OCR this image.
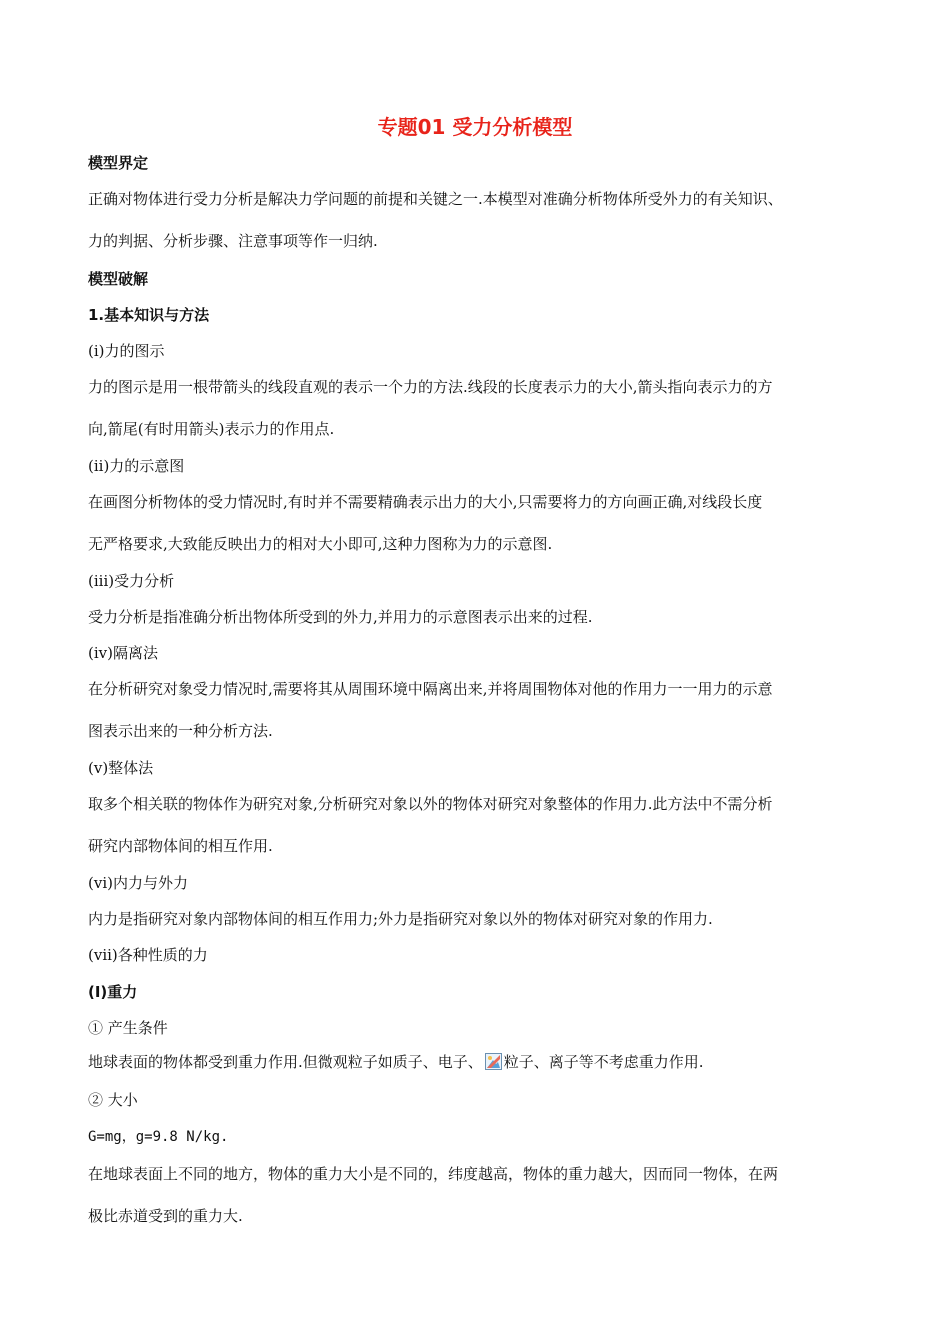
专题01 受力分析模型
模型界定
正确对物体进行受力分析是解决力学问题的前提和关键之一.本模型对准确分析物体所受外力的有关知识、
力的判据、分析步骤、注意事项等作一归纳.
模型破解
1.基本知识与方法
(i)力的图示
力的图示是用一根带箭头的线段直观的表示一个力的方法.线段的长度表示力的大小,箭头指向表示力的方
向,箭尾(有时用箭头)表示力的作用点.
(ii)力的示意图
在画图分析物体的受力情况时,有时并不需要精确表示出力的大小,只需要将力的方向画正确,对线段长度
无严格要求,大致能反映出力的相对大小即可,这种力图称为力的示意图.
(iii)受力分析
受力分析是指准确分析出物体所受到的外力,并用力的示意图表示出来的过程.
(iv)隔离法
在分析研究对象受力情况时,需要将其从周围环境中隔离出来,并将周围物体对他的作用力一一用力的示意
图表示出来的一种分析方法.
(v)整体法
取多个相关联的物体作为研究对象,分析研究对象以外的物体对研究对象整体的作用力.此方法中不需分析
研究内部物体间的相互作用.
(vi)内力与外力
内力是指研究对象内部物体间的相互作用力;外力是指研究对象以外的物体对研究对象的作用力.
(vii)各种性质的力
(I)重力
① 产生条件
地球表面的物体都受到重力作用.但微观粒子如质子、电子、 粒子、离子等不考虑重力作用.
② 大小
G=mg，g=9.8 N/kg.
在地球表面上不同的地方，物体的重力大小是不同的，纬度越高，物体的重力越大，因而同一物体，在两
极比赤道受到的重力大.
